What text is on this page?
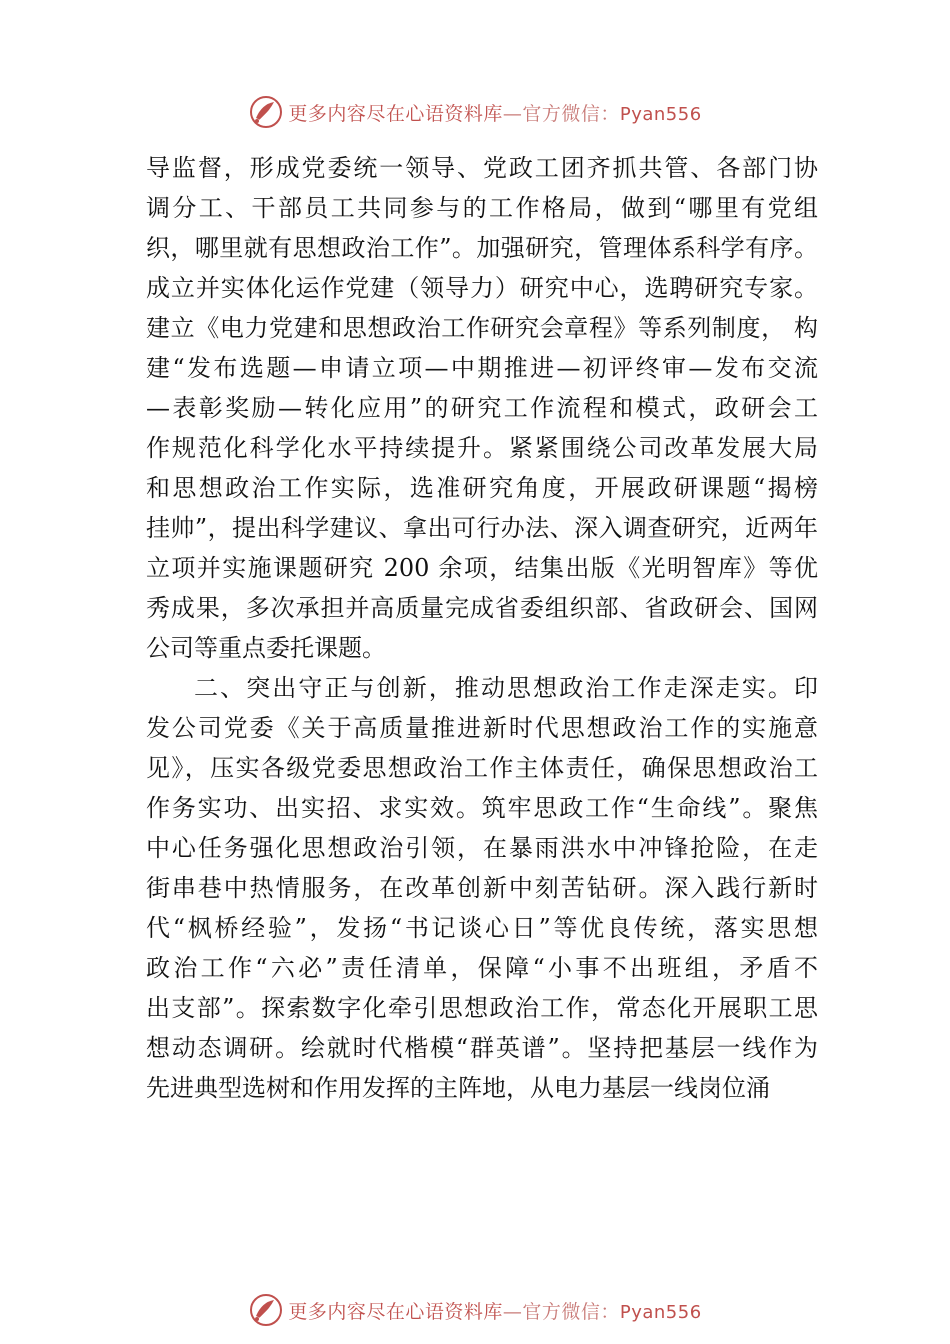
更多内容尽在心语资料库—官方微信：Pyan556
导监督，形成党委统一领导、党政工团齐抓共管、各部门协
调分工、干部员工共同参与的工作格局，做到“哪里有党组
织，哪里就有思想政治工作”。加强研究，管理体系科学有序。
成立并实体化运作党建（领导力）研究中心，选聘研究专家。
建立《电力党建和思想政治工作研究会章程》等系列制度， 构
建“发布选题—申请立项—中期推进—初评终审—发布交流
—表彰奖励—转化应用”的研究工作流程和模式，政研会工
作规范化科学化水平持续提升。紧紧围绕公司改革发展大局
和思想政治工作实际，选准研究角度，开展政研课题“揭榜
挂帅”，提出科学建议、拿出可行办法、深入调查研究，近两年
立项并实施课题研究 200 余项，结集出版《光明智库》等优
秀成果，多次承担并高质量完成省委组织部、省政研会、国网
公司等重点委托课题。
二、突出守正与创新，推动思想政治工作走深走实。印
发公司党委《关于高质量推进新时代思想政治工作的实施意
见》，压实各级党委思想政治工作主体责任，确保思想政治工
作务实功、出实招、求实效。筑牢思政工作“生命线”。聚焦
中心任务强化思想政治引领，在暴雨洪水中冲锋抢险，在走
街串巷中热情服务，在改革创新中刻苦钻研。深入践行新时
代“枫桥经验”，发扬“书记谈心日”等优良传统，落实思想
政治工作“六必”责任清单，保障“小事不出班组，矛盾不
出支部”。探索数字化牵引思想政治工作，常态化开展职工思
想动态调研。绘就时代楷模“群英谱”。坚持把基层一线作为
先进典型选树和作用发挥的主阵地，从电力基层一线岗位涌
更多内容尽在心语资料库—官方微信：Pyan556
